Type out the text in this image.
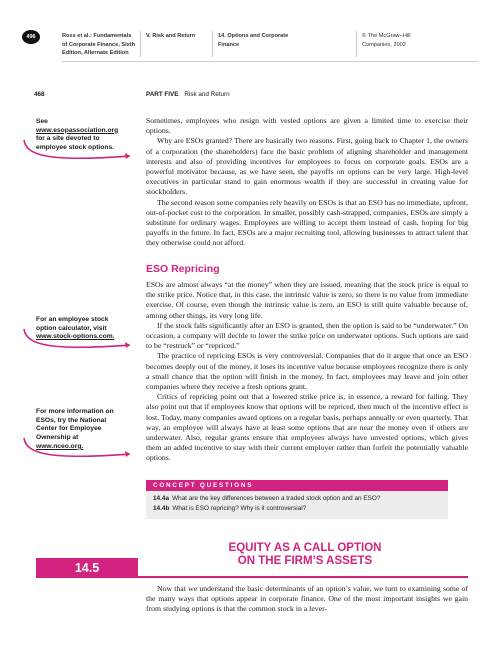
496	Ross et al.: Fundamentals
of Corporate Finance, Sixth
Edition, Alternate Edition
V. Risk and Return	14. Options and Corporate
Finance
© The McGraw−Hill
Companies, 2002
468	PART FIVE Risk and Return
See
www.esopassociation.org
for a site devoted to
employee stock options.
For an employee stock
option calculator, visit
www.stock-options.com.
For more information on
ESOs, try the National
Center for Employee
Ownership at
www.nceo.org.

Sometimes, employees who resign with vested options are given a limited time to exercise their options.

Why are ESOs granted? There are basically two reasons. First, going back to Chapter 1, the owners of a corporation (the shareholders) face the basic problem of aligning shareholder and management interests and also of providing incentives for employees to focus on corporate goals. ESOs are a powerful motivator because, as we have seen, the payoffs on options can be very large. High-level executives in particular stand to gain enormous wealth if they are successful in creating value for stockholders.

The second reason some companies rely heavily on ESOs is that an ESO has no immediate, upfront, out-of-pocket cost to the corporation. In smaller, possibly cash-strapped, companies, ESOs are simply a substitute for ordinary wages. Employees are willing to accept them instead of cash, hoping for big payoffs in the future. In fact, ESOs are a major recruiting tool, allowing businesses to attract talent that they otherwise could not afford.

ESO Repricing

ESOs are almost always “at the money” when they are issued, meaning that the stock price is equal to the strike price. Notice that, in this case, the intrinsic value is zero, so there is no value from immediate exercise. Of course, even though the intrinsic value is zero, an ESO is still quite valuable because of, among other things, its very long life.

If the stock falls significantly after an ESO is granted, then the option is said to be “underwater.” On occasion, a company will decide to lower the strike price on underwater options. Such options are said to be “restruck” or “repriced.”

The practice of repricing ESOs is very controversial. Companies that do it argue that once an ESO becomes deeply out of the money, it loses its incentive value because employees recognize there is only a small chance that the option will finish in the money. In fact, employees may leave and join other companies where they receive a fresh options grant.

Critics of repricing point out that a lowered strike price is, in essence, a reward for failing. They also point out that if employees know that options will be repriced, then much of the incentive effect is lost. Today, many companies award options on a regular basis, perhaps annually or even quarterly. That way, an employee will always have at least some options that are near the money even if others are underwater. Also, regular grants ensure that employees always have unvested options, which gives them an added incentive to stay with their current employer rather than forfeit the potentially valuable options.

CONCEPT QUESTIONS
14.4a What are the key differences between a traded stock option and an ESO?
14.4b What is ESO repricing? Why is it controversial?
EQUITY AS A CALL OPTION
ON THE FIRM’S ASSETS
14.5

Now that we understand the basic determinants of an option’s value, we turn to examining some of the many ways that options appear in corporate finance. One of the most important insights we gain from studying options is that the common stock in a lever-
